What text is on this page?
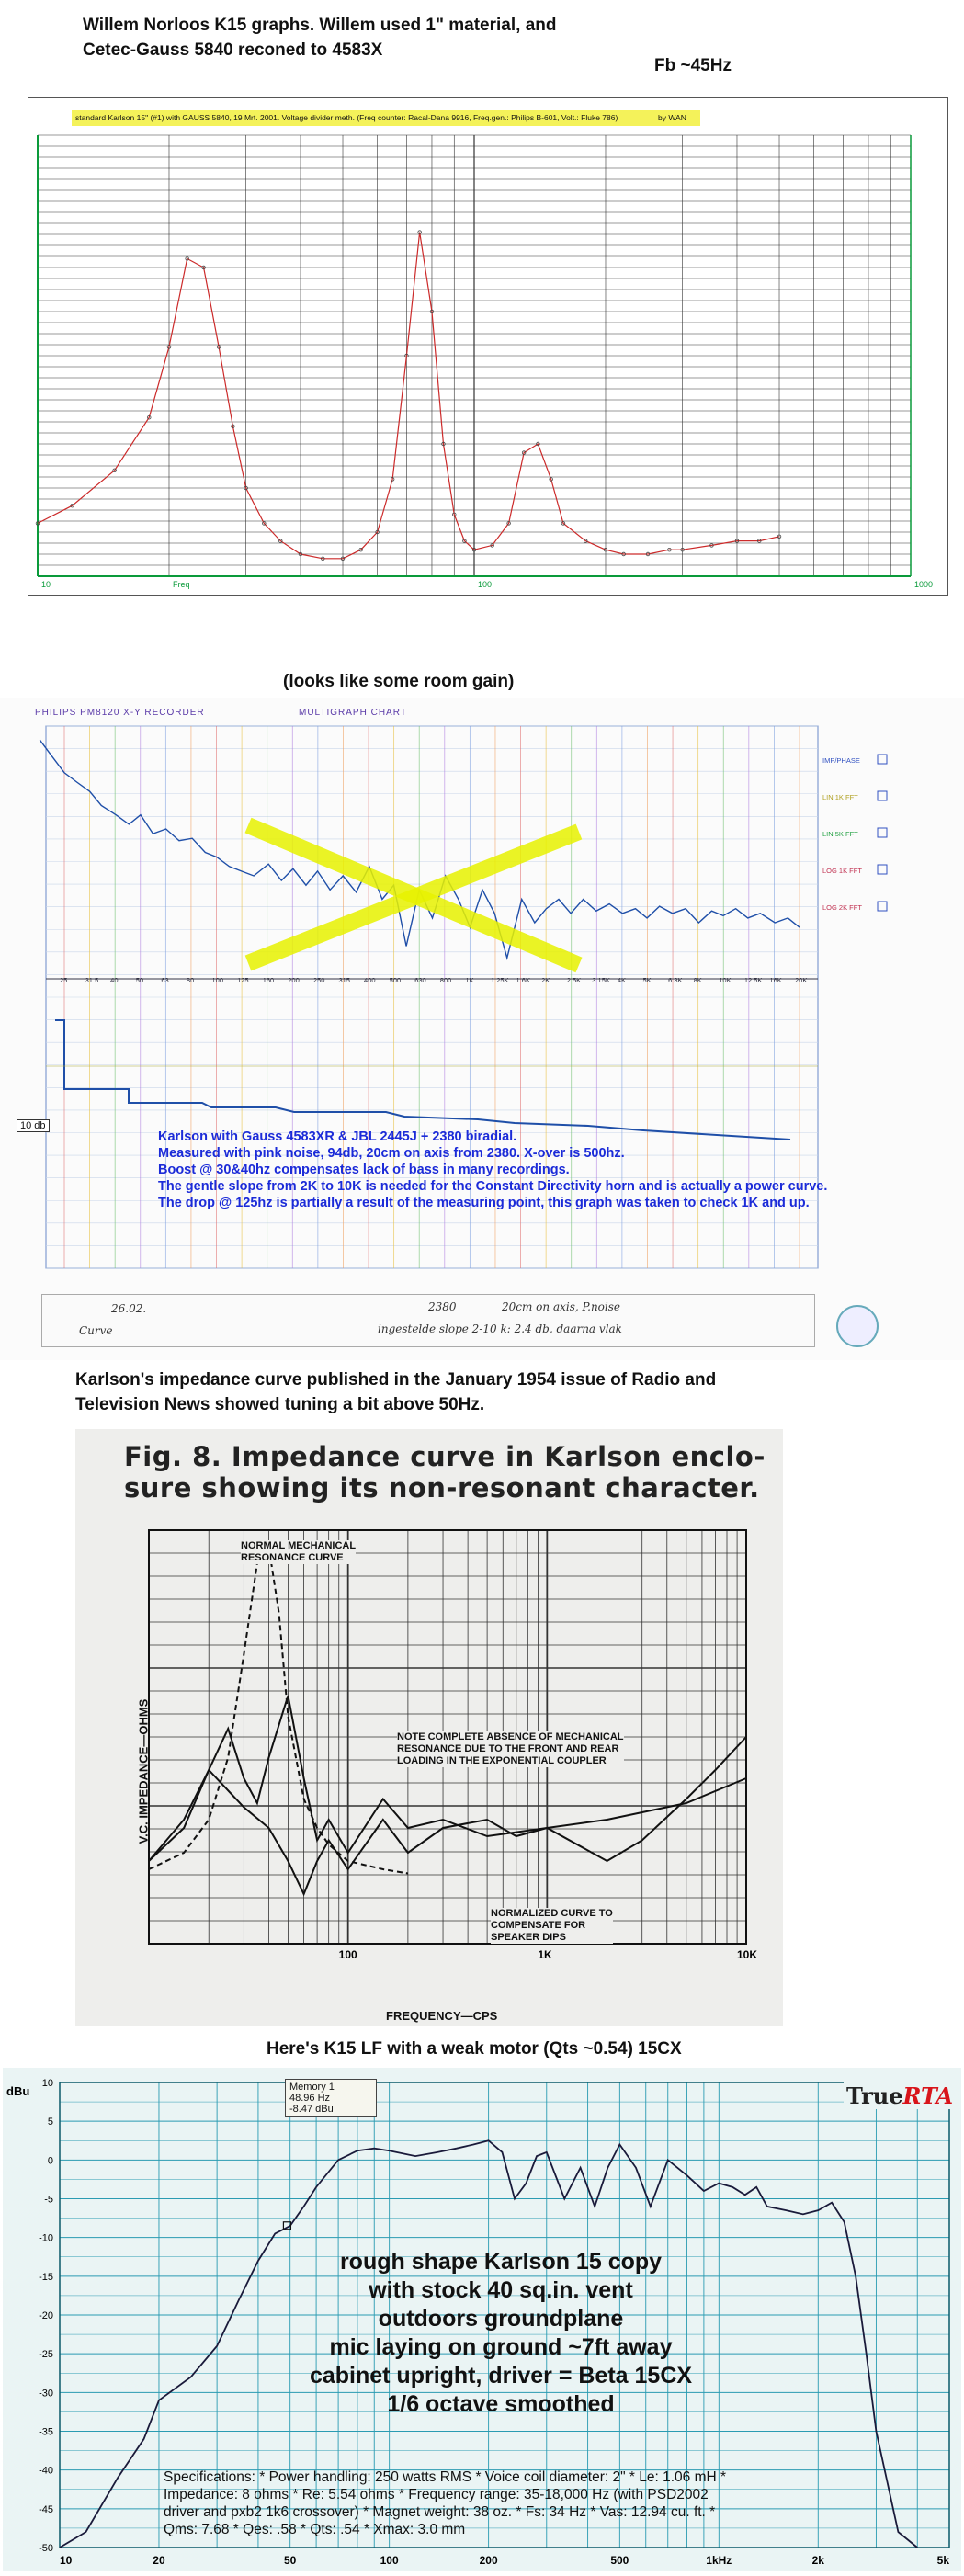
Willem Norloos K15 graphs. Willem used 1" material, and
Cetec-Gauss 5840 reconed to 4583X
Fb ~45Hz
10	Freq	100	1000
standard Karlson 15" (#1) with GAUSS 5840, 19 Mrt. 2001. Voltage divider meth. (Freq counter: Racal-Dana 9916, Freq.gen.: Philips B-601, Volt.: Fluke 786)	by WAN
(looks like some room gain)
25	31.5 40	50	63	80	100 125 160 200 250 315 400 500 630 800 1K 1.25K 1.6K 2K 2.5K 3.15K 4K 5K 6.3K 8K 10K 12.5K 16K 20K
IMP/PHASE
LIN 1K FFT
LIN 5K FFT
LOG 1K FFT
LOG 2K FFT
PHILIPS PM8120 X-Y RECORDER	MULTIGRAPH CHART
10 db
Karlson with Gauss 4583XR & JBL 2445J + 2380 biradial.
Measured with pink noise, 94db, 20cm on axis from 2380. X-over is 500hz.
Boost @ 30&40hz compensates lack of bass in many recordings.
The gentle slope from 2K to 10K is needed for the Constant Directivity horn and is actually a power curve.
The drop @ 125hz is partially a result of the measuring point, this graph was taken to check 1K and up.
2380	20cm on axis, P.noise
ingestelde slope 2-10 k: 2.4 db, daarna vlak
26.02.
Curve
Karlson's impedance curve published in the January 1954 issue of Radio and
Television News showed tuning a bit above 50Hz.
100	1K	10K
Fig. 8. Impedance curve in Karlson enclo-
sure showing its non-resonant character.
NORMAL MECHANICAL
RESONANCE CURVE
NOTE COMPLETE ABSENCE OF MECHANICAL
RESONANCE DUE TO THE FRONT AND REAR
LOADING IN THE EXPONENTIAL COUPLER
NORMALIZED CURVE TO
COMPENSATE FOR
SPEAKER DIPS
V.C. IMPEDANCE—OHMS
FREQUENCY—CPS
Here's K15 LF with a weak motor (Qts ~0.54) 15CX
dBu
10
5
0
-5
-10
-15
-20
-25
-30
-35
-40
-45
-50
10	20	50	100	200	500	1kHz	2k	5k
TrueRTA
Memory 1
48.96 Hz
-8.47 dBu
rough shape Karlson 15 copy
with stock 40 sq.in. vent
outdoors groundplane
mic laying on ground ~7ft away
cabinet upright, driver = Beta 15CX
1/6 octave smoothed
Specifications: * Power handling: 250 watts RMS * Voice coil diameter: 2" * Le: 1.06 mH *
Impedance: 8 ohms * Re: 5.54 ohms * Frequency range: 35-18,000 Hz (with PSD2002
driver and pxb2 1k6 crossover) * Magnet weight: 38 oz. * Fs: 34 Hz * Vas: 12.94 cu. ft. *
Qms: 7.68 * Qes: .58 * Qts: .54 * Xmax: 3.0 mm
